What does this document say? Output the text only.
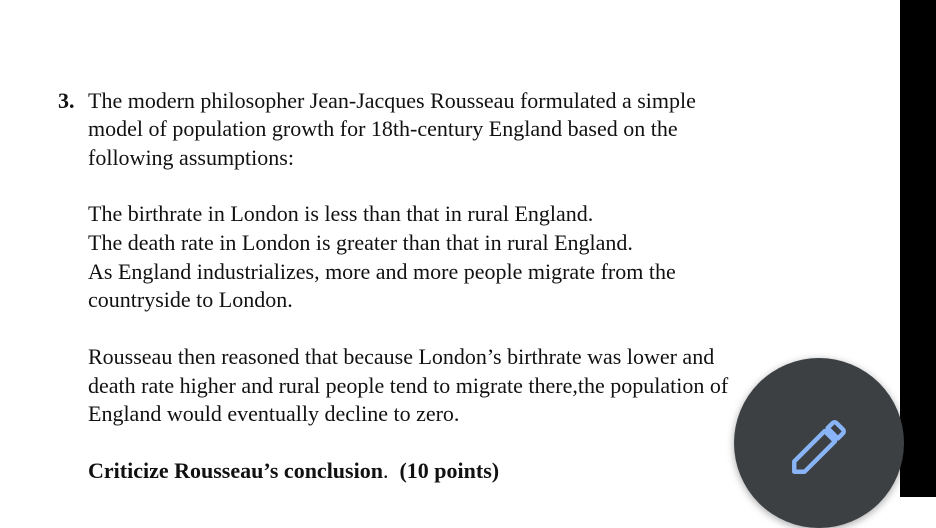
3. The modern philosopher Jean-Jacques Rousseau formulated a simple
model of population growth for 18th-century England based on the
following assumptions:
The birthrate in London is less than that in rural England.
The death rate in London is greater than that in rural England.
As England industrializes, more and more people migrate from the
countryside to London.
Rousseau then reasoned that because London’s birthrate was lower and
death rate higher and rural people tend to migrate there,the population of
England would eventually decline to zero.
Criticize Rousseau’s conclusion. (10 points)
